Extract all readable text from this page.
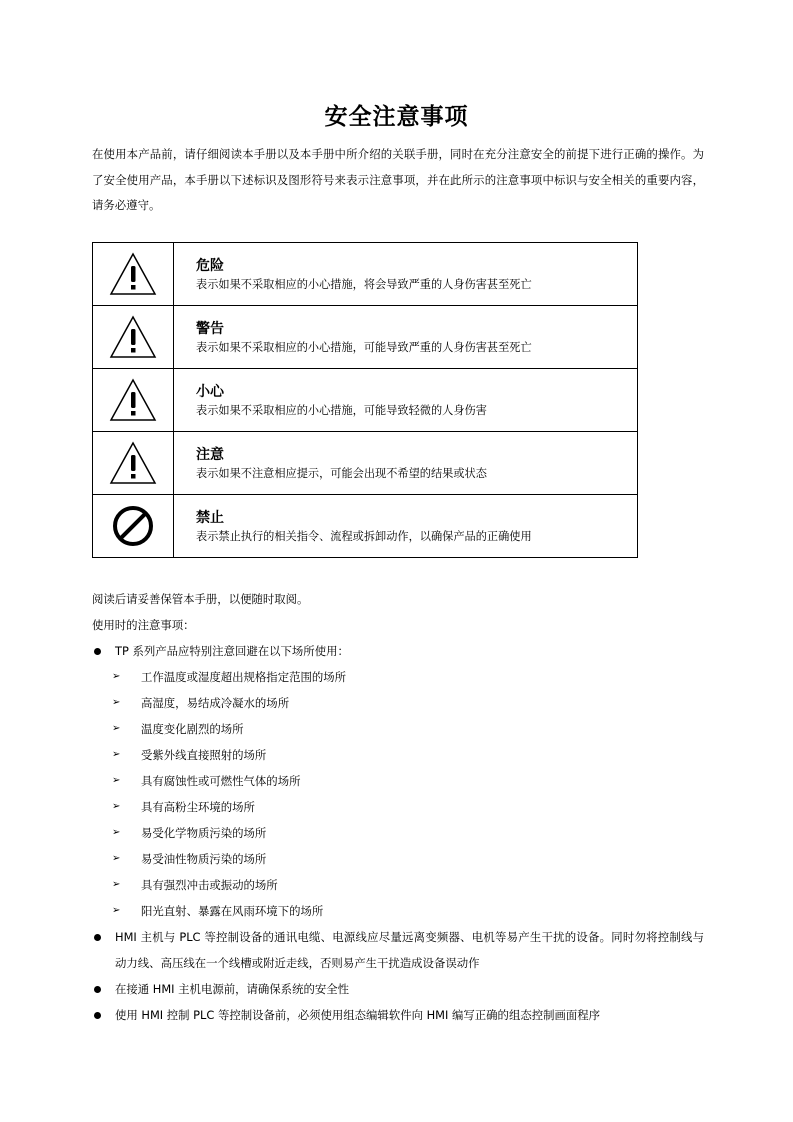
安全注意事项
在使用本产品前，请仔细阅读本手册以及本手册中所介绍的关联手册，同时在充分注意安全的前提下进行正确的操作。为了安全使用产品，本手册以下述标识及图形符号来表示注意事项，并在此所示的注意事项中标识与安全相关的重要内容，请务必遵守。

危险
表示如果不采取相应的小心措施，将会导致严重的人身伤害甚至死亡

警告
表示如果不采取相应的小心措施，可能导致严重的人身伤害甚至死亡

小心
表示如果不采取相应的小心措施，可能导致轻微的人身伤害

注意
表示如果不注意相应提示，可能会出现不希望的结果或状态

禁止
表示禁止执行的相关指令、流程或拆卸动作，以确保产品的正确使用
阅读后请妥善保管本手册，以便随时取阅。
使用时的注意事项：
TP 系列产品应特别注意回避在以下场所使用：
➢ 工作温度或湿度超出规格指定范围的场所
➢ 高湿度，易结成冷凝水的场所
➢ 温度变化剧烈的场所
➢ 受紫外线直接照射的场所
➢ 具有腐蚀性或可燃性气体的场所
➢ 具有高粉尘环境的场所
➢ 易受化学物质污染的场所
➢ 易受油性物质污染的场所
➢ 具有强烈冲击或振动的场所
➢ 阳光直射、暴露在风雨环境下的场所
HMI 主机与 PLC 等控制设备的通讯电缆、电源线应尽量远离变频器、电机等易产生干扰的设备。同时勿将控制线与动力线、高压线在一个线槽或附近走线，否则易产生干扰造成设备误动作
在接通 HMI 主机电源前，请确保系统的安全性
使用 HMI 控制 PLC 等控制设备前，必须使用组态编辑软件向 HMI 编写正确的组态控制画面程序
